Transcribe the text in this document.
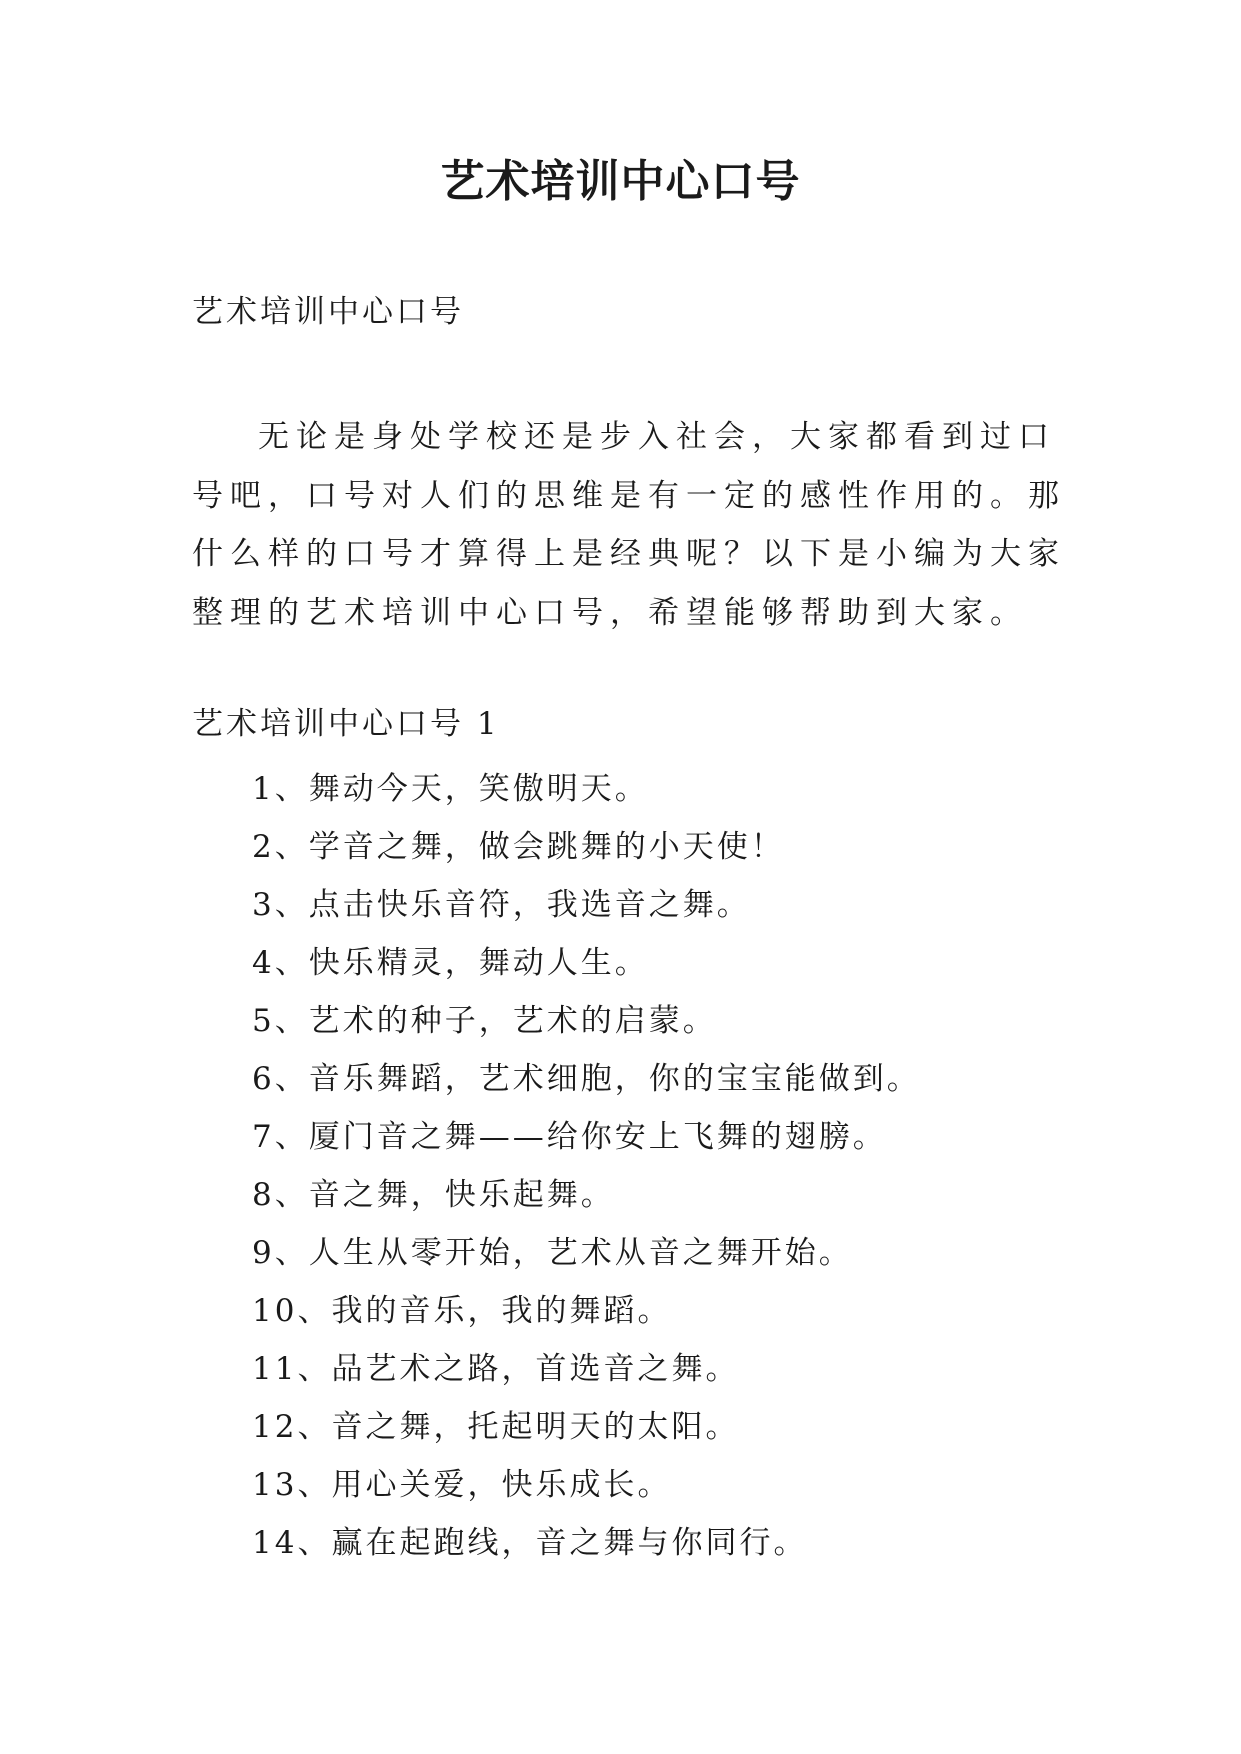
艺术培训中心口号
艺术培训中心口号

无论是身处学校还是步入社会，大家都看到过口号吧，口号对人们的思维是有一定的感性作用的。那什么样的口号才算得上是经典呢？以下是小编为大家整理的艺术培训中心口号，希望能够帮助到大家。

艺术培训中心口号 1
1、舞动今天，笑傲明天。
2、学音之舞，做会跳舞的小天使！
3、点击快乐音符，我选音之舞。
4、快乐精灵，舞动人生。
5、艺术的种子，艺术的启蒙。
6、音乐舞蹈，艺术细胞，你的宝宝能做到。
7、厦门音之舞——给你安上飞舞的翅膀。
8、音之舞，快乐起舞。
9、人生从零开始，艺术从音之舞开始。
10、我的音乐，我的舞蹈。
11、品艺术之路，首选音之舞。
12、音之舞，托起明天的太阳。
13、用心关爱，快乐成长。
14、赢在起跑线，音之舞与你同行。
